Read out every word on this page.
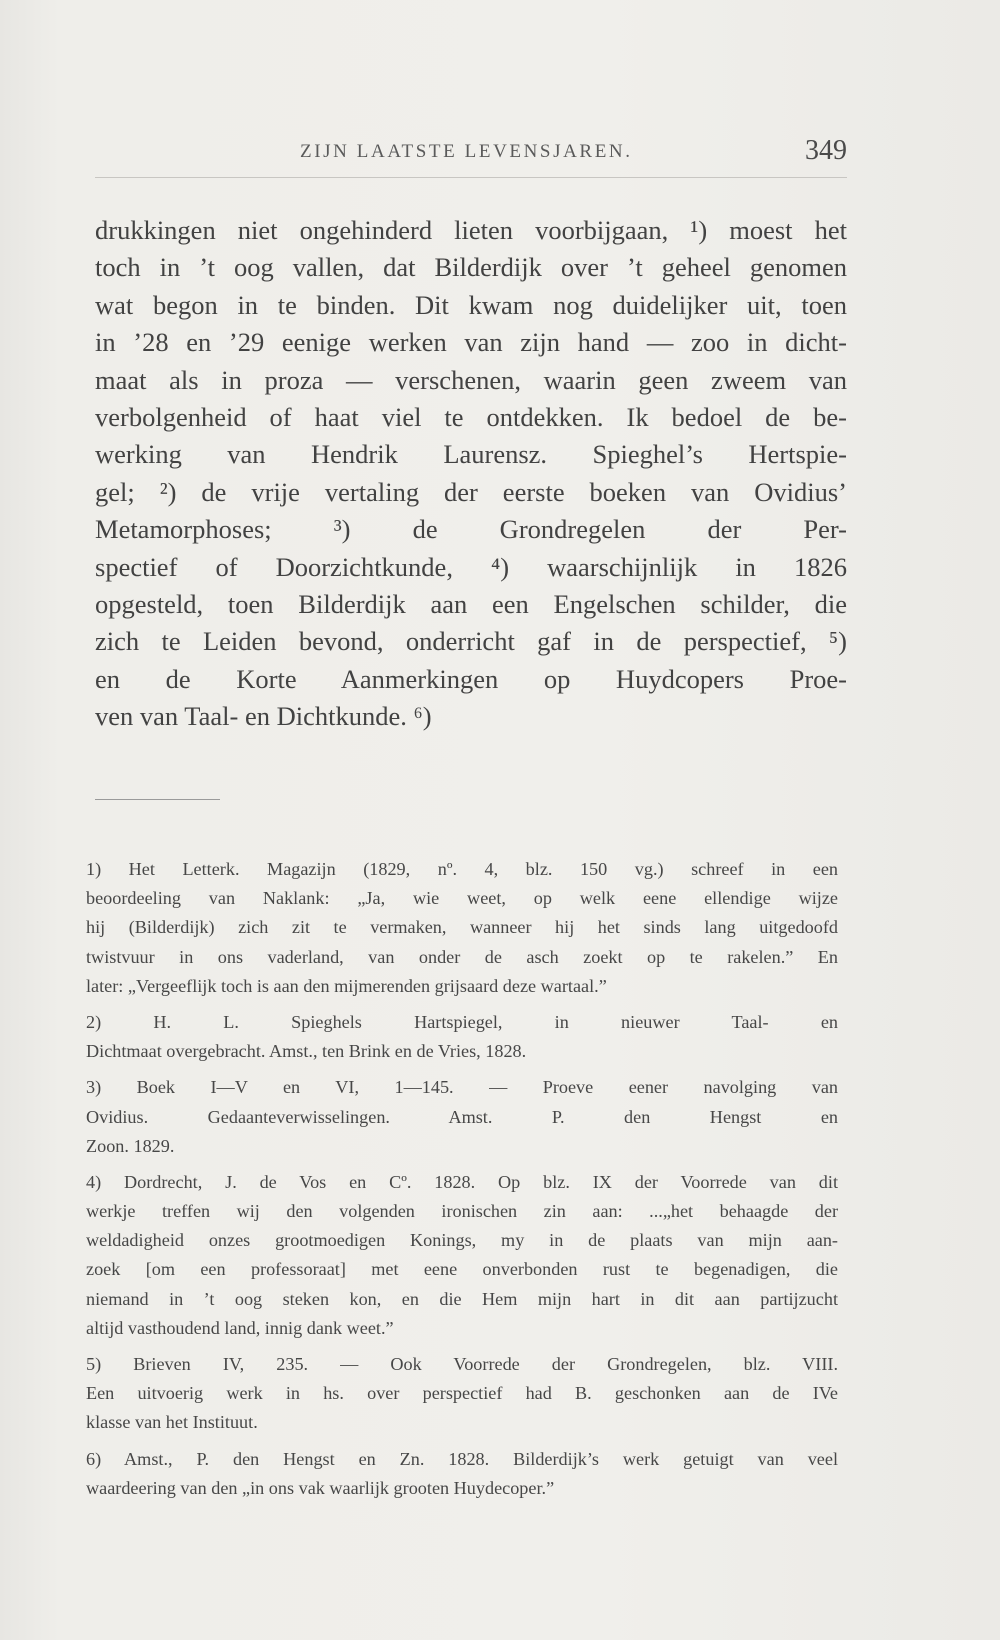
ZIJN LAATSTE LEVENSJAREN.	349
drukkingen niet ongehinderd lieten voorbijgaan, ¹) moest het
toch in ’t oog vallen, dat Bilderdijk over ’t geheel genomen
wat begon in te binden. Dit kwam nog duidelijker uit, toen
in ’28 en ’29 eenige werken van zijn hand — zoo in dicht-
maat als in proza — verschenen, waarin geen zweem van
verbolgenheid of haat viel te ontdekken. Ik bedoel de be-
werking van Hendrik Laurensz. Spieghel’s Hertspie-
gel; ²) de vrije vertaling der eerste boeken van Ovidius’
Metamorphoses; ³) de Grondregelen der Per-
spectief of Doorzichtkunde, ⁴) waarschijnlijk in 1826
opgesteld, toen Bilderdijk aan een Engelschen schilder, die
zich te Leiden bevond, onderricht gaf in de perspectief, ⁵)
en de Korte Aanmerkingen op Huydcopers Proe-
ven van Taal- en Dichtkunde. ⁶)
1) Het Letterk. Magazijn (1829, nº. 4, blz. 150 vg.) schreef in een
beoordeeling van Naklank: „Ja, wie weet, op welk eene ellendige wijze
hij (Bilderdijk) zich zit te vermaken, wanneer hij het sinds lang uitgedoofd
twistvuur in ons vaderland, van onder de asch zoekt op te rakelen.” En
later: „Vergeeflijk toch is aan den mijmerenden grijsaard deze wartaal.”
2) H. L. Spieghels Hartspiegel, in nieuwer Taal- en
Dichtmaat overgebracht. Amst., ten Brink en de Vries, 1828.
3) Boek I—V en VI, 1—145. — Proeve eener navolging van
Ovidius. Gedaanteverwisselingen. Amst. P. den Hengst en
Zoon. 1829.
4) Dordrecht, J. de Vos en Cº. 1828. Op blz. IX der Voorrede van dit
werkje treffen wij den volgenden ironischen zin aan: ...„het behaagde der
weldadigheid onzes grootmoedigen Konings, my in de plaats van mijn aan-
zoek [om een professoraat] met eene onverbonden rust te begenadigen, die
niemand in ’t oog steken kon, en die Hem mijn hart in dit aan partijzucht
altijd vasthoudend land, innig dank weet.”
5) Brieven IV, 235. — Ook Voorrede der Grondregelen, blz. VIII.
Een uitvoerig werk in hs. over perspectief had B. geschonken aan de IVe
klasse van het Instituut.
6) Amst., P. den Hengst en Zn. 1828. Bilderdijk’s werk getuigt van veel
waardeering van den „in ons vak waarlijk grooten Huydecoper.”
